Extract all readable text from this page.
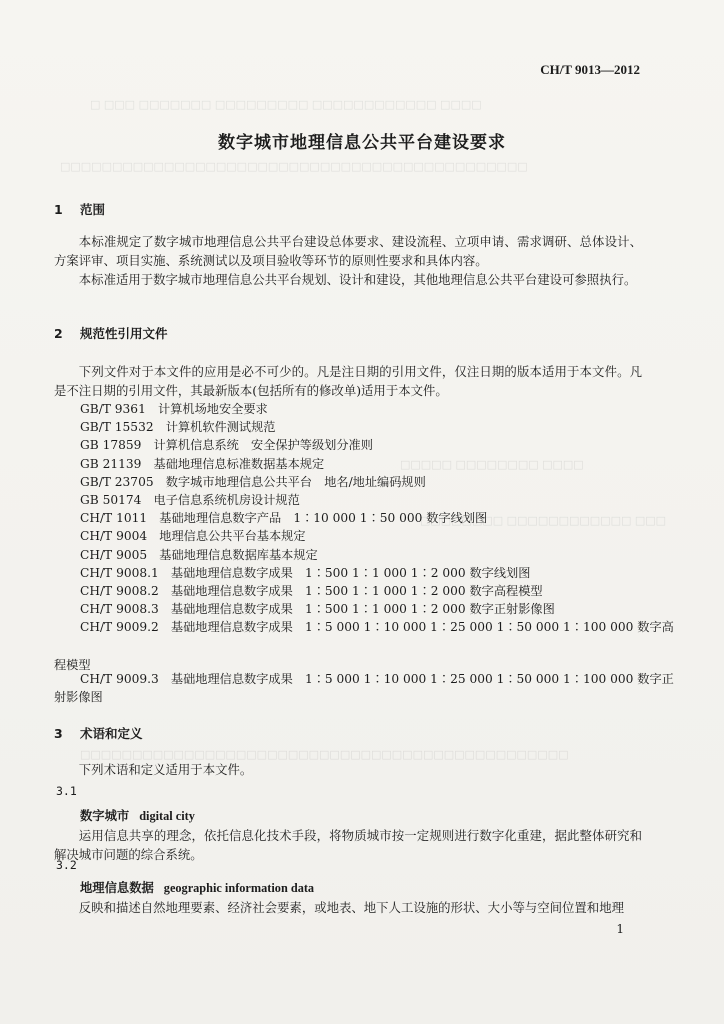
□ □□□ □□□□□□□ □□□□□□□□□ □□□□□□□□□□□□ □□□□
□□□□□□□□□□□□□□□□□□□□□□□□□□□□□□□□□□□□□□□□□□□□□
□□□□□ □□□□□□□□ □□□□
□□□□□□□□ □□□□□□□□□□□□ □□□
□□□□□□□□□□□□□□□□□□□□□□□□□□□□□□□□□□□□□□□□□□□□□□□
CH/T 9013—2012
数字城市地理信息公共平台建设要求
1 范围

本标准规定了数字城市地理信息公共平台建设总体要求、建设流程、立项申请、需求调研、总体设计、方案评审、项目实施、系统测试以及项目验收等环节的原则性要求和具体内容。

本标准适用于数字城市地理信息公共平台规划、设计和建设，其他地理信息公共平台建设可参照执行。

2 规范性引用文件

下列文件对于本文件的应用是必不可少的。凡是注日期的引用文件，仅注日期的版本适用于本文件。凡是不注日期的引用文件，其最新版本(包括所有的修改单)适用于本文件。

GB/T 9361　 计算机场地安全要求
GB/T 15532　 计算机软件测试规范
GB 17859　 计算机信息系统　安全保护等级划分准则
GB 21139　 基础地理信息标准数据基本规定
GB/T 23705　 数字城市地理信息公共平台　地名/地址编码规则
GB 50174　 电子信息系统机房设计规范
CH/T 1011　 基础地理信息数字产品　1∶10 000 1∶50 000 数字线划图
CH/T 9004　 地理信息公共平台基本规定
CH/T 9005　 基础地理信息数据库基本规定
CH/T 9008.1　 基础地理信息数字成果　1∶500 1∶1 000 1∶2 000 数字线划图
CH/T 9008.2　 基础地理信息数字成果　1∶500 1∶1 000 1∶2 000 数字高程模型
CH/T 9008.3　 基础地理信息数字成果　1∶500 1∶1 000 1∶2 000 数字正射影像图
CH/T 9009.2　 基础地理信息数字成果　1∶5 000 1∶10 000 1∶25 000 1∶50 000 1∶100 000 数字高
程模型
CH/T 9009.3　 基础地理信息数字成果　1∶5 000 1∶10 000 1∶25 000 1∶50 000 1∶100 000 数字正
射影像图
3 术语和定义

下列术语和定义适用于本文件。

3.1
数字城市 digital city

运用信息共享的理念，依托信息化技术手段，将物质城市按一定规则进行数字化重建，据此整体研究和解决城市问题的综合系统。

3.2
地理信息数据 geographic information data

反映和描述自然地理要素、经济社会要素，或地表、地下人工设施的形状、大小等与空间位置和地理

1
